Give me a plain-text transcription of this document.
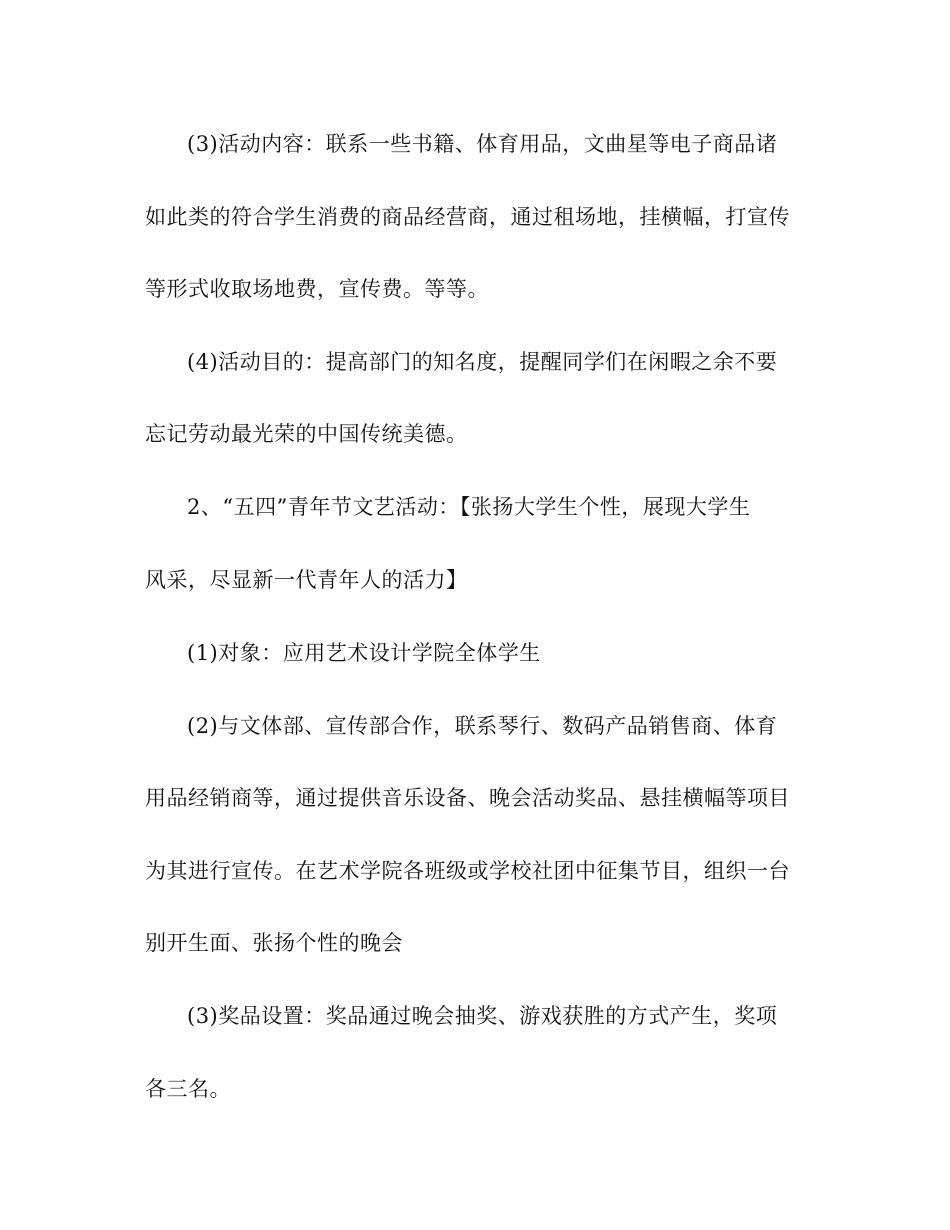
(3)活动内容：联系一些书籍、体育用品，文曲星等电子商品诸
如此类的符合学生消费的商品经营商，通过租场地，挂横幅，打宣传
等形式收取场地费，宣传费。等等。
(4)活动目的：提高部门的知名度，提醒同学们在闲暇之余不要
忘记劳动最光荣的中国传统美德。
2、“五四”青年节文艺活动：【张扬大学生个性，展现大学生
风采，尽显新一代青年人的活力】
(1)对象：应用艺术设计学院全体学生
(2)与文体部、宣传部合作，联系琴行、数码产品销售商、体育
用品经销商等，通过提供音乐设备、晚会活动奖品、悬挂横幅等项目
为其进行宣传。在艺术学院各班级或学校社团中征集节目，组织一台
别开生面、张扬个性的晚会
(3)奖品设置：奖品通过晚会抽奖、游戏获胜的方式产生，奖项
各三名。
